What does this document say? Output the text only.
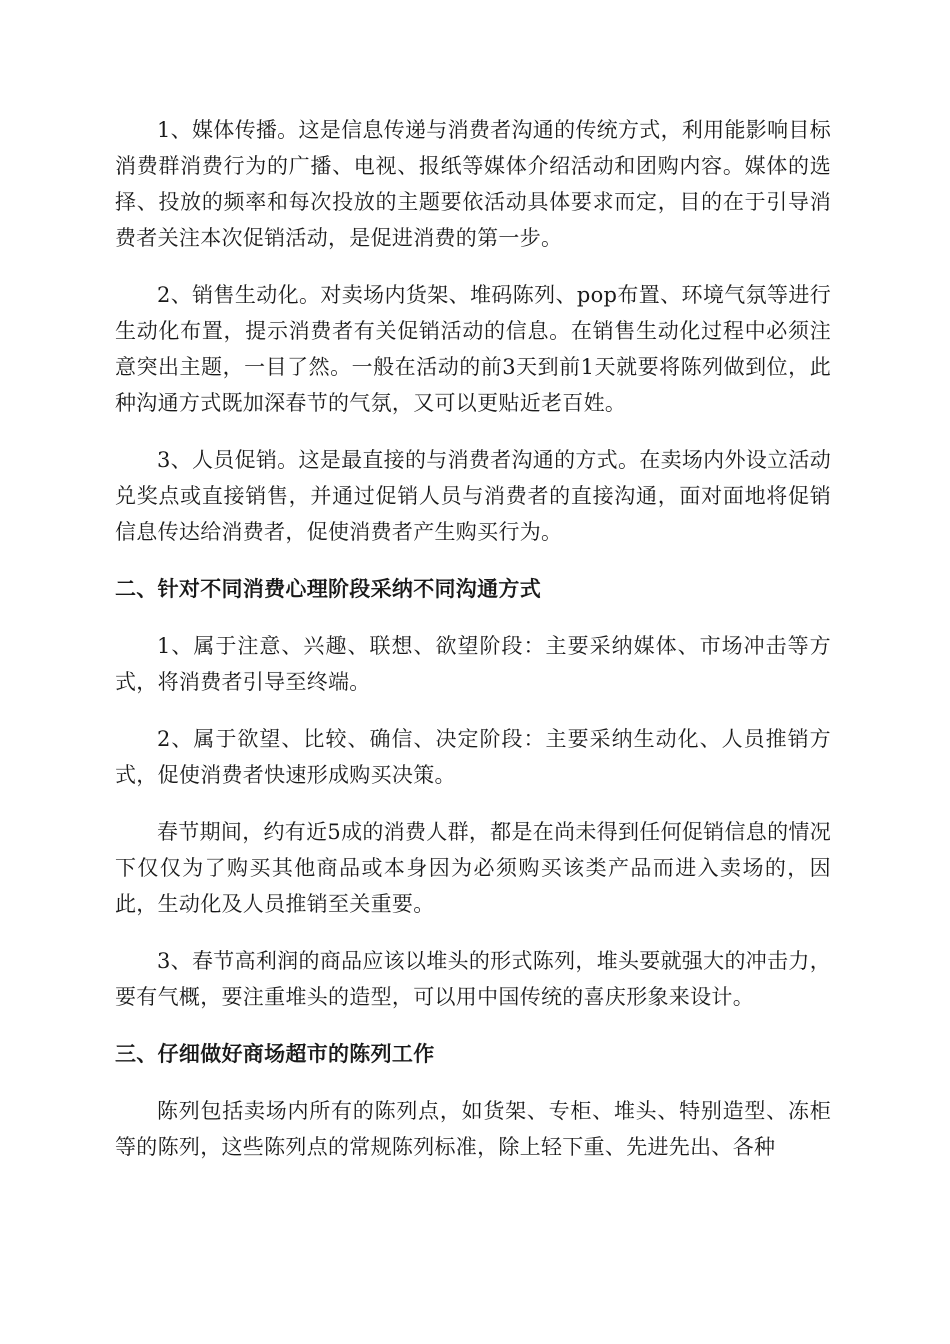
1、媒体传播。这是信息传递与消费者沟通的传统方式，利用能影响目标消费群消费行为的广播、电视、报纸等媒体介绍活动和团购内容。媒体的选择、投放的频率和每次投放的主题要依活动具体要求而定，目的在于引导消费者关注本次促销活动，是促进消费的第一步。

2、销售生动化。对卖场内货架、堆码陈列、pop布置、环境气氛等进行生动化布置，提示消费者有关促销活动的信息。在销售生动化过程中必须注意突出主题，一目了然。一般在活动的前3天到前1天就要将陈列做到位，此种沟通方式既加深春节的气氛，又可以更贴近老百姓。

3、人员促销。这是最直接的与消费者沟通的方式。在卖场内外设立活动兑奖点或直接销售，并通过促销人员与消费者的直接沟通，面对面地将促销信息传达给消费者，促使消费者产生购买行为。

二、针对不同消费心理阶段采纳不同沟通方式

1、属于注意、兴趣、联想、欲望阶段：主要采纳媒体、市场冲击等方式，将消费者引导至终端。

2、属于欲望、比较、确信、决定阶段：主要采纳生动化、人员推销方式，促使消费者快速形成购买决策。

春节期间，约有近5成的消费人群，都是在尚未得到任何促销信息的情况下仅仅为了购买其他商品或本身因为必须购买该类产品而进入卖场的，因此，生动化及人员推销至关重要。

3、春节高利润的商品应该以堆头的形式陈列，堆头要就强大的冲击力，要有气概，要注重堆头的造型，可以用中国传统的喜庆形象来设计。

三、仔细做好商场超市的陈列工作

陈列包括卖场内所有的陈列点，如货架、专柜、堆头、特别造型、冻柜等的陈列，这些陈列点的常规陈列标准，除上轻下重、先进先出、各种
